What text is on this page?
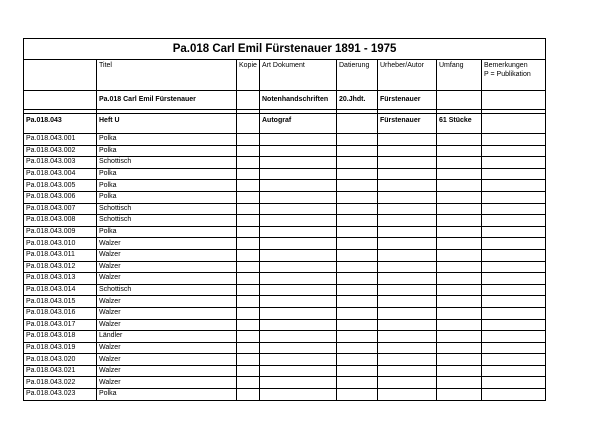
Pa.018 Carl Emil Fürstenauer 1891 - 1975							
	Titel	Kopie	Art Dokument	Datierung	Urheber/Autor	Umfang	Bemerkungen
P = Publikation
	Pa.018 Carl Emil Fürstenauer		Notenhandschriften	20.Jhdt.	Fürstenauer		

Pa.018.043	Heft U		Autograf		Fürstenauer	61 Stücke	
Pa.018.043.001	Polka						
Pa.018.043.002	Polka						
Pa.018.043.003	Schottisch						
Pa.018.043.004	Polka						
Pa.018.043.005	Polka						
Pa.018.043.006	Polka						
Pa.018.043.007	Schottisch						
Pa.018.043.008	Schottisch						
Pa.018.043.009	Polka						
Pa.018.043.010	Walzer						
Pa.018.043.011	Walzer						
Pa.018.043.012	Walzer						
Pa.018.043.013	Walzer						
Pa.018.043.014	Schottisch						
Pa.018.043.015	Walzer						
Pa.018.043.016	Walzer						
Pa.018.043.017	Walzer						
Pa.018.043.018	Ländler						
Pa.018.043.019	Walzer						
Pa.018.043.020	Walzer						
Pa.018.043.021	Walzer						
Pa.018.043.022	Walzer						
Pa.018.043.023	Polka						
